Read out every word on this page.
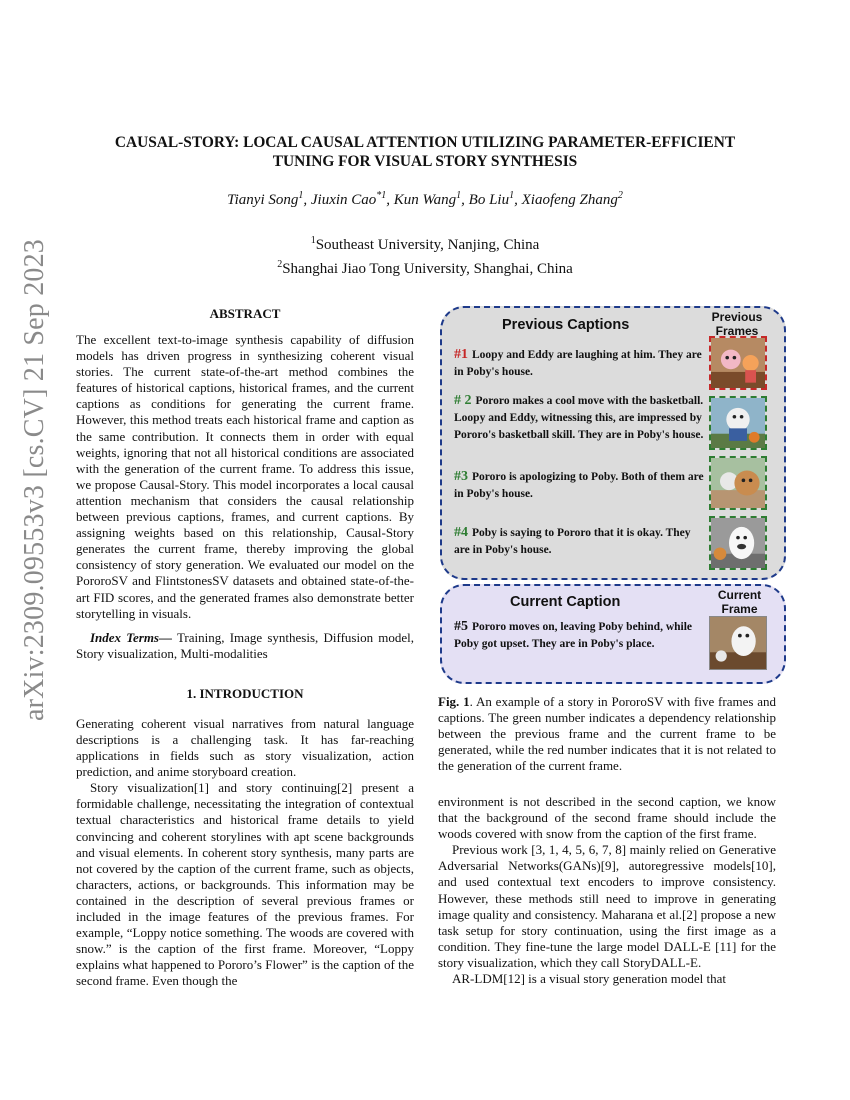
arXiv:2309.09553v3 [cs.CV] 21 Sep 2023
CAUSAL-STORY: LOCAL CAUSAL ATTENTION UTILIZING PARAMETER-EFFICIENT
TUNING FOR VISUAL STORY SYNTHESIS
Tianyi Song$^1$, Jiuxin Cao$^{*1}$, Kun Wang$^1$, Bo Liu$^1$, Xiaofeng Zhang$^2$
$^1$Southeast University, Nanjing, China
$^2$Shanghai Jiao Tong University, Shanghai, China
ABSTRACT

The excellent text-to-image synthesis capability of diffusion models has driven progress in synthesizing coherent visual stories. The current state-of-the-art method combines the features of historical captions, historical frames, and the current captions as conditions for generating the current frame. However, this method treats each historical frame and caption as the same contribution. It connects them in order with equal weights, ignoring that not all historical conditions are associated with the generation of the current frame. To address this issue, we propose Causal-Story. This model incorporates a local causal attention mechanism that considers the causal relationship between previous captions, frames, and current captions. By assigning weights based on this relationship, Causal-Story generates the current frame, thereby improving the global consistency of story generation. We evaluated our model on the PororoSV and FlintstonesSV datasets and obtained state-of-the-art FID scores, and the generated frames also demonstrate better storytelling in visuals.

Index Terms— Training, Image synthesis, Diffusion model, Story visualization, Multi-modalities

1. INTRODUCTION

Generating coherent visual narratives from natural language descriptions is a challenging task. It has far-reaching applications in fields such as story visualization, action prediction, and anime storyboard creation.

Story visualization[1] and story continuing[2] present a formidable challenge, necessitating the integration of contextual textual characteristics and historical frame details to yield convincing and coherent storylines with apt scene backgrounds and visual elements. In coherent story synthesis, many parts are not covered by the caption of the current frame, such as objects, characters, actions, or backgrounds. This information may be contained in the description of several previous frames or included in the image features of the previous frames. For example, “Loppy notice something. The woods are covered with snow.” is the caption of the first frame. Moreover, “Loppy explains what happened to Pororo’s Flower” is the caption of the second frame. Even though the

Previous Captions	Previous Frames
#1 Loopy and Eddy are laughing at him. They are in Poby's house.
# 2 Pororo makes a cool move with the basketball. Loopy and Eddy, witnessing this, are impressed by Pororo's basketball skill. They are in Poby's house.
#3 Pororo is apologizing to Poby. Both of them are in Poby's house.
#4 Poby is saying to Pororo that it is okay. They are in Poby's house.
Current Caption	Current Frame
#5 Pororo moves on, leaving Poby behind, while Poby got upset. They are in Poby's place.

Fig. 1. An example of a story in PororoSV with five frames and captions. The green number indicates a dependency relationship between the previous frame and the current frame to be generated, while the red number indicates that it is not related to the generation of the current frame.

environment is not described in the second caption, we know that the background of the second frame should include the woods covered with snow from the caption of the first frame.

Previous work [3, 1, 4, 5, 6, 7, 8] mainly relied on Generative Adversarial Networks(GANs)[9], autoregressive models[10], and used contextual text encoders to improve consistency. However, these methods still need to improve in generating image quality and consistency. Maharana et al.[2] propose a new task setup for story continuation, using the first image as a condition. They fine-tune the large model DALL-E [11] for the story visualization, which they call StoryDALL-E.

AR-LDM[12] is a visual story generation model that
